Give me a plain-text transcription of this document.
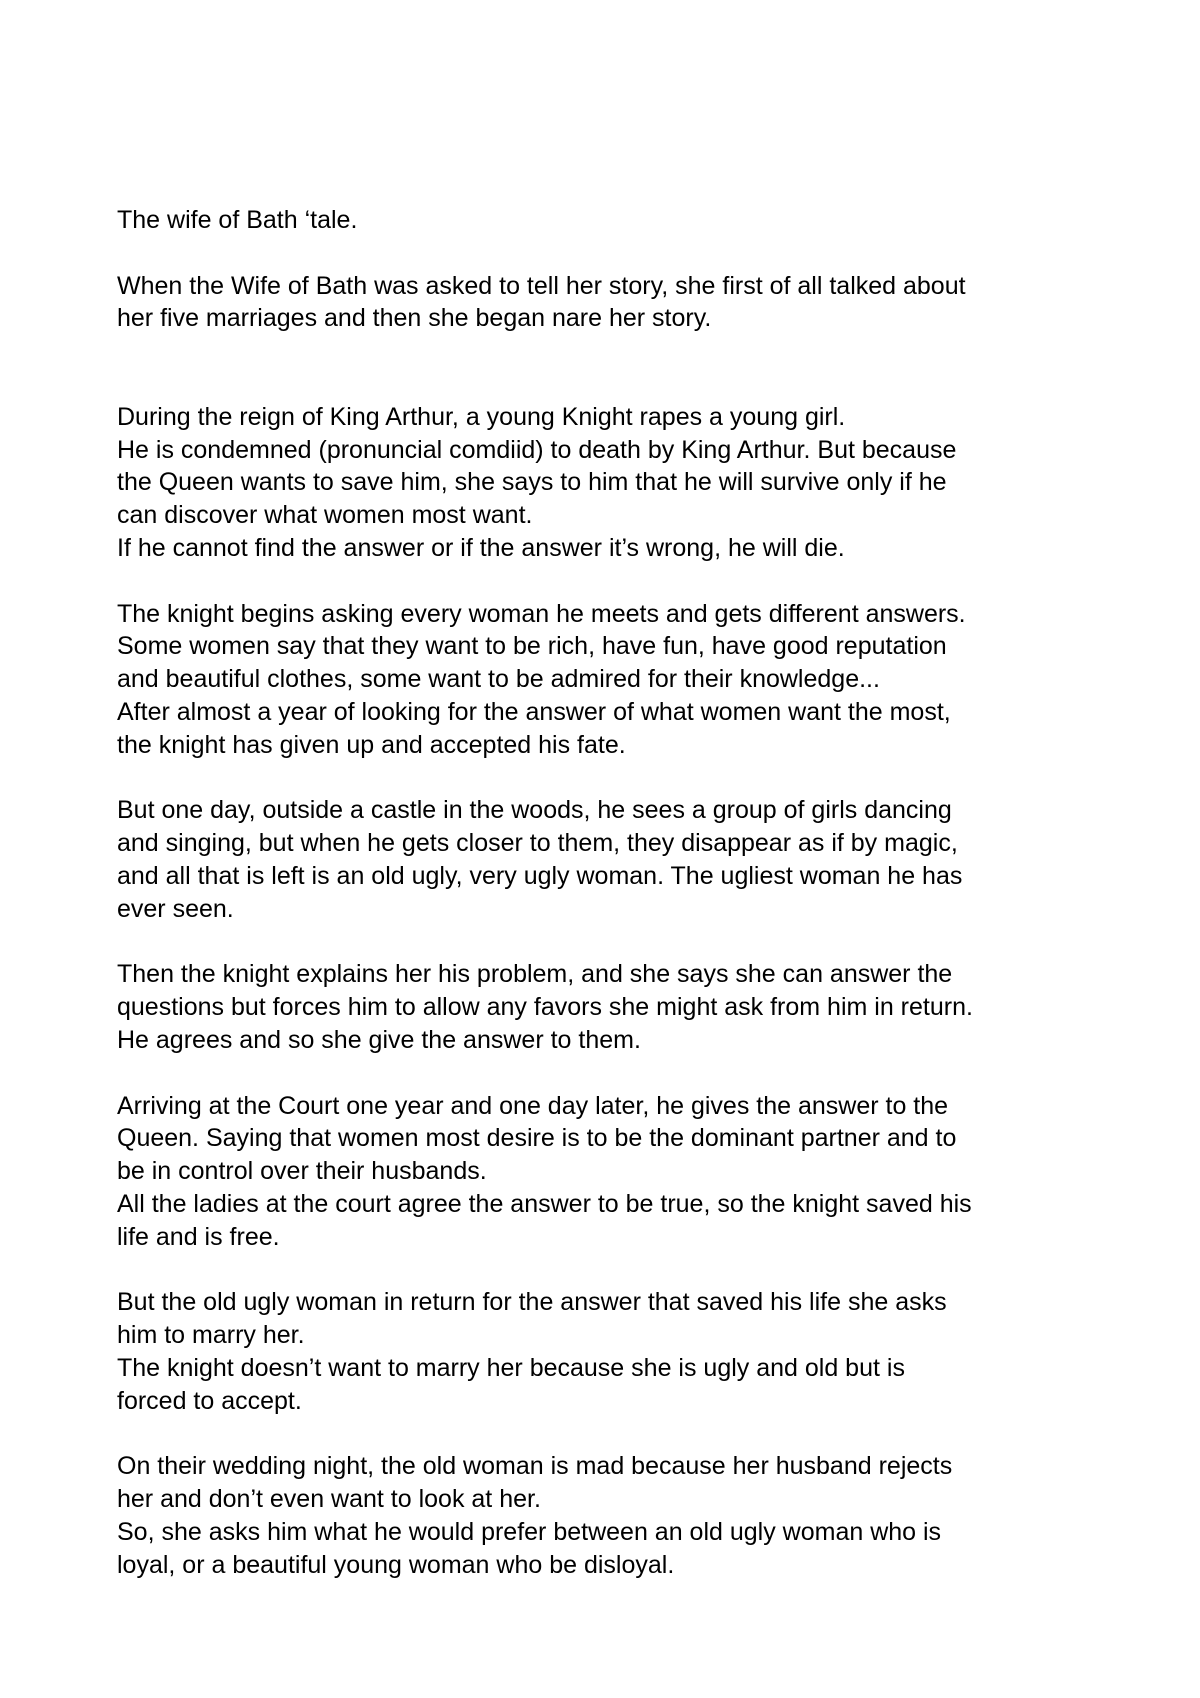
The wife of Bath ‘tale.
When the Wife of Bath was asked to tell her story, she first of all talked about
her five marriages and then she began nare her story.
During the reign of King Arthur, a young Knight rapes a young girl.
He is condemned (pronuncial comdiid) to death by King Arthur. But because
the Queen wants to save him, she says to him that he will survive only if he
can discover what women most want.
If he cannot find the answer or if the answer it’s wrong, he will die.
The knight begins asking every woman he meets and gets different answers.
Some women say that they want to be rich, have fun, have good reputation
and beautiful clothes, some want to be admired for their knowledge...
After almost a year of looking for the answer of what women want the most,
the knight has given up and accepted his fate.
But one day, outside a castle in the woods, he sees a group of girls dancing
and singing, but when he gets closer to them, they disappear as if by magic,
and all that is left is an old ugly, very ugly woman. The ugliest woman he has
ever seen.
Then the knight explains her his problem, and she says she can answer the
questions but forces him to allow any favors she might ask from him in return.
He agrees and so she give the answer to them.
Arriving at the Court one year and one day later, he gives the answer to the
Queen. Saying that women most desire is to be the dominant partner and to
be in control over their husbands.
All the ladies at the court agree the answer to be true, so the knight saved his
life and is free.
But the old ugly woman in return for the answer that saved his life she asks
him to marry her.
The knight doesn’t want to marry her because she is ugly and old but is
forced to accept.
On their wedding night, the old woman is mad because her husband rejects
her and don’t even want to look at her.
So, she asks him what he would prefer between an old ugly woman who is
loyal, or a beautiful young woman who be disloyal.
